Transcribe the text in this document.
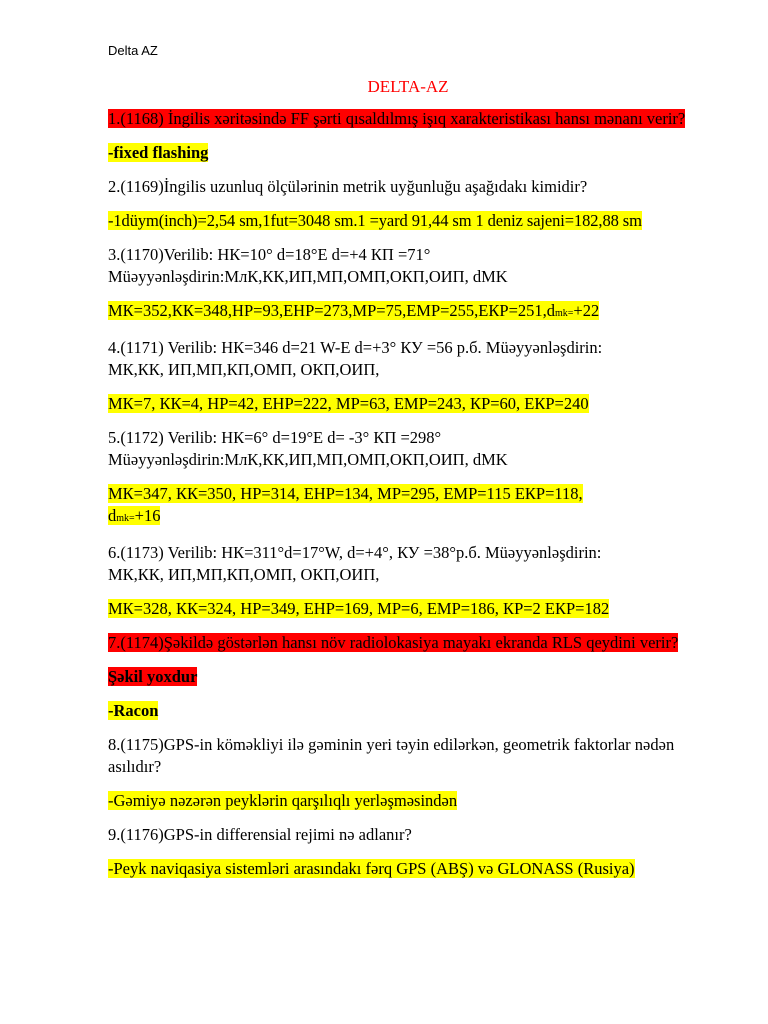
Delta AZ
DELTA-AZ

1.(1168) İngilis xəritəsində FF şərti qısaldılmış işıq xarakteristikası hansı mənanı verir?

-fixed flashing

2.(1169)İngilis uzunluq ölçülərinin metrik uyğunluğu aşağıdakı kimidir?

-1düym(inch)=2,54 sm,1fut=3048 sm.1 =yard 91,44 sm 1 deniz sajeni=182,88 sm

3.(1170)Verilib: НК=10° d=18°E d=+4 КП =71°
Müəyyənləşdirin:МлК,КК,ИП,МП,ОМП,ОКП,ОИП, dMK

МК=352,КК=348,НР=93,ЕНР=273,МР=75,ЕМР=255,ЕКР=251,dmk=+22

4.(1171) Verilib: НК=346 d=21 W-E d=+3° КУ =56 р.б. Müəyyənləşdirin:
МК,КК, ИП,МП,КП,ОМП, ОКП,ОИП,

МК=7, КК=4, НР=42, ЕНР=222, МР=63, ЕМР=243, КР=60, ЕКР=240

5.(1172) Verilib: НК=6° d=19°E d= -3° КП =298°
Müəyyənləşdirin:МлК,КК,ИП,МП,ОМП,ОКП,ОИП, dMK

МК=347, КК=350, НР=314, ЕНР=134, МР=295, ЕМР=115 ЕКР=118,
dmk=+16

6.(1173) Verilib: НК=311°d=17°W, d=+4°, КУ =38°р.б. Müəyyənləşdirin:
МК,КК, ИП,МП,КП,ОМП, ОКП,ОИП,

МК=328, КК=324, НР=349, ЕНР=169, МР=6, ЕМР=186, КР=2 ЕКР=182

7.(1174)Şəkildə göstərlən hansı növ radiolokasiya mayakı ekranda RLS qeydini verir?

Şəkil yoxdur

-Racon

8.(1175)GPS-in köməkliyi ilə gəminin yeri təyin edilərkən, geometrik faktorlar nədən asılıdır?

-Gəmiyə nəzərən peyklərin qarşılıqlı yerləşməsindən

9.(1176)GPS-in differensial rejimi nə adlanır?

-Peyk naviqasiya sistemləri arasındakı fərq GPS (ABŞ) və GLONASS (Rusiya)
